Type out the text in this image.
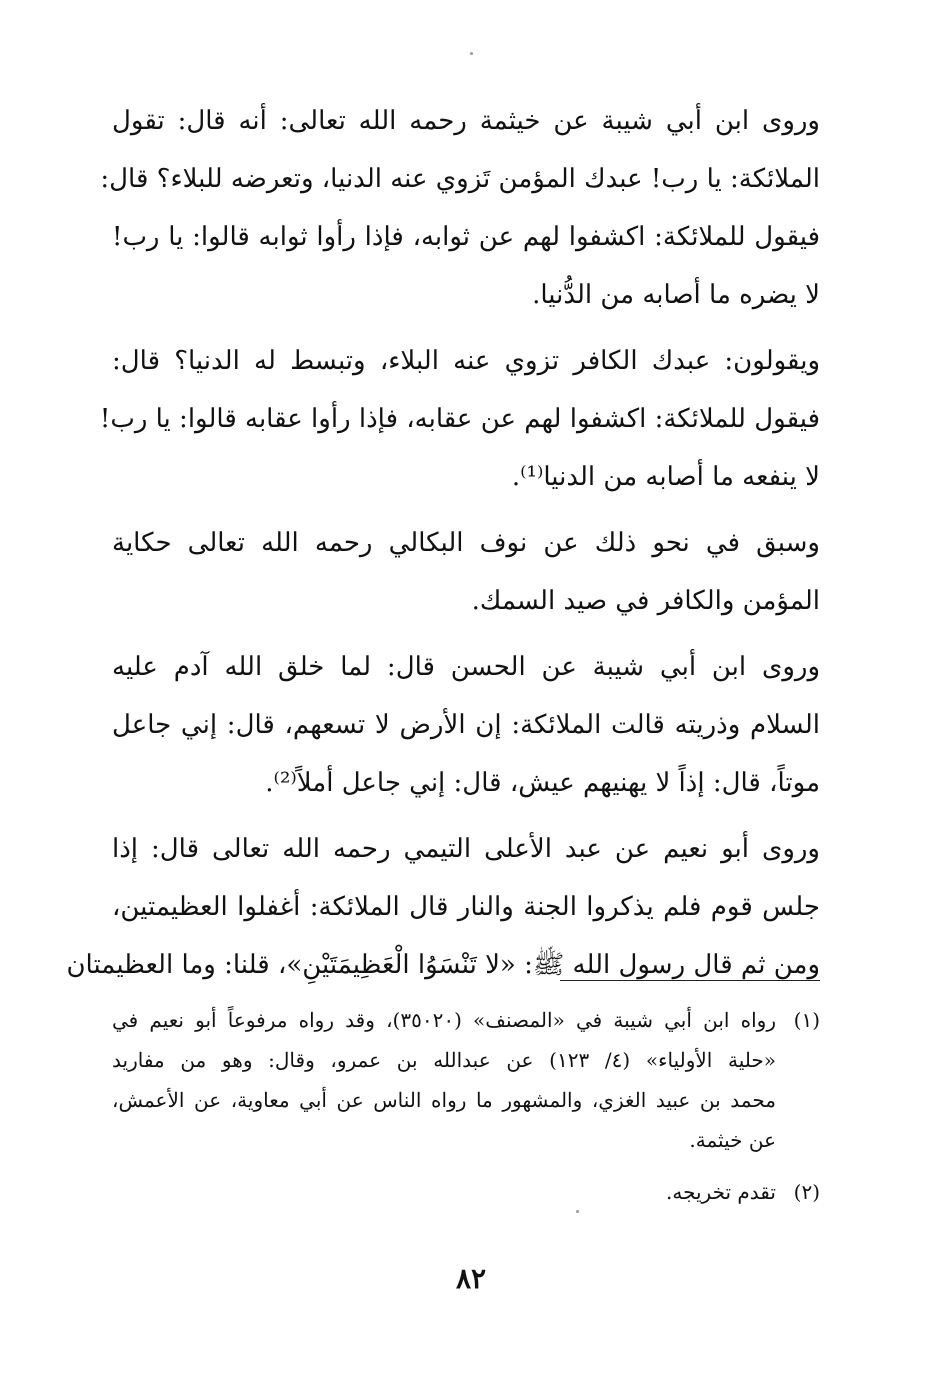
وروى ابن أبي شيبة عن خيثمة رحمه الله تعالى: أنه قال: تقول
الملائكة: يا رب! عبدك المؤمن تَزوي عنه الدنيا، وتعرضه للبلاء؟ قال:
فيقول للملائكة: اكشفوا لهم عن ثوابه، فإذا رأوا ثوابه قالوا: يا رب!
لا يضره ما أصابه من الدُّنيا.
ويقولون: عبدك الكافر تزوي عنه البلاء، وتبسط له الدنيا؟ قال:
فيقول للملائكة: اكشفوا لهم عن عقابه، فإذا رأوا عقابه قالوا: يا رب!
لا ينفعه ما أصابه من الدنيا⁽¹⁾.
وسبق في نحو ذلك عن نوف البكالي رحمه الله تعالى حكاية
المؤمن والكافر في صيد السمك.
وروى ابن أبي شيبة عن الحسن قال: لما خلق الله آدم عليه
السلام وذريته قالت الملائكة: إن الأرض لا تسعهم، قال: إني جاعل
موتاً، قال: إذاً لا يهنيهم عيش، قال: إني جاعل أملاً⁽²⁾.
وروى أبو نعيم عن عبد الأعلى التيمي رحمه الله تعالى قال: إذا
جلس قوم فلم يذكروا الجنة والنار قال الملائكة: أغفلوا العظيمتين،
ومن ثم قال رسول الله ﷺ: «لا تَنْسَوُا الْعَظِيمَتَيْنِ»، قلنا: وما العظيمتان
(١)
رواه ابن أبي شيبة في «المصنف» (٣٥٠٢٠)، وقد رواه مرفوعاً أبو نعيم في
«حلية الأولياء» (٤/ ١٢٣) عن عبدالله بن عمرو، وقال: وهو من مفاريد
محمد بن عبيد الغزي، والمشهور ما رواه الناس عن أبي معاوية، عن الأعمش،
عن خيثمة.
(٢)
تقدم تخريجه.
٨٢
